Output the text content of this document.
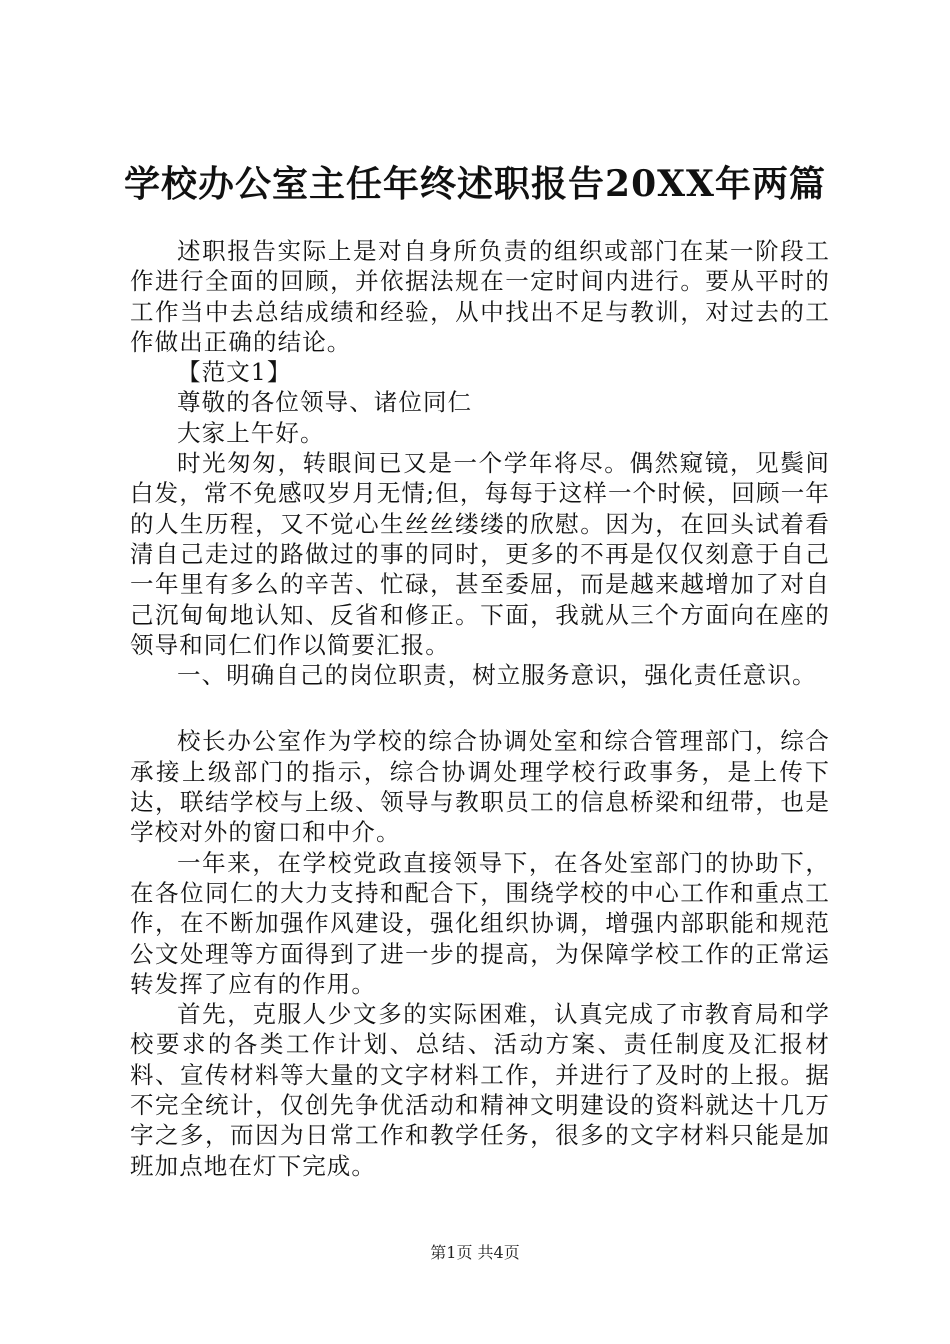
学校办公室主任年终述职报告20XX年两篇

述职报告实际上是对自身所负责的组织或部门在某一阶段工作进行全面的回顾，并依据法规在一定时间内进行。要从平时的工作当中去总结成绩和经验，从中找出不足与教训，对过去的工作做出正确的结论。

【范文1】

尊敬的各位领导、诸位同仁

大家上午好。

时光匆匆，转眼间已又是一个学年将尽。偶然窥镜，见鬓间白发，常不免感叹岁月无情;但，每每于这样一个时候，回顾一年的人生历程，又不觉心生丝丝缕缕的欣慰。因为，在回头试着看清自己走过的路做过的事的同时，更多的不再是仅仅刻意于自己一年里有多么的辛苦、忙碌，甚至委屈，而是越来越增加了对自己沉甸甸地认知、反省和修正。下面，我就从三个方面向在座的领导和同仁们作以简要汇报。

一、明确自己的岗位职责，树立服务意识，强化责任意识。

校长办公室作为学校的综合协调处室和综合管理部门，综合承接上级部门的指示，综合协调处理学校行政事务，是上传下达，联结学校与上级、领导与教职员工的信息桥梁和纽带，也是学校对外的窗口和中介。

一年来，在学校党政直接领导下，在各处室部门的协助下，在各位同仁的大力支持和配合下，围绕学校的中心工作和重点工作，在不断加强作风建设，强化组织协调，增强内部职能和规范公文处理等方面得到了进一步的提高，为保障学校工作的正常运转发挥了应有的作用。

首先，克服人少文多的实际困难，认真完成了市教育局和学校要求的各类工作计划、总结、活动方案、责任制度及汇报材料、宣传材料等大量的文字材料工作，并进行了及时的上报。据不完全统计，仅创先争优活动和精神文明建设的资料就达十几万字之多，而因为日常工作和教学任务，很多的文字材料只能是加班加点地在灯下完成。

第1页 共4页
